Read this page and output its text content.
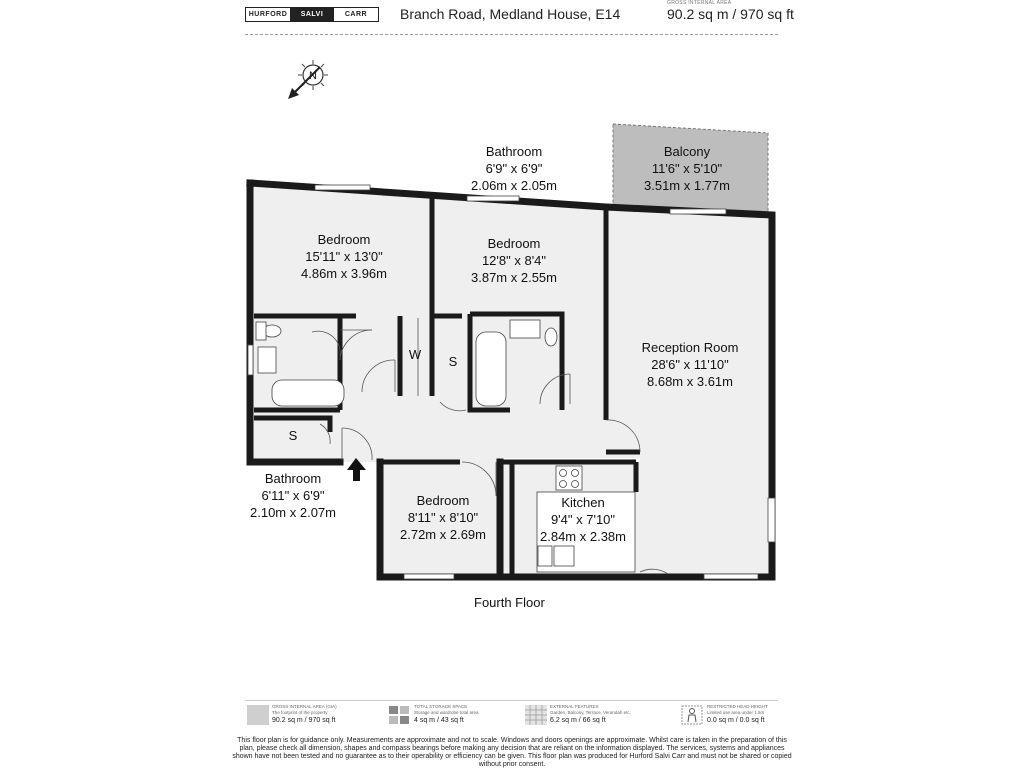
HURFORD	SALVI	CARR	Branch Road, Medland House, E14
GROSS INTERNAL AREA
90.2 sq m / 970 sq ft
N
Bedroom
15'11" x 13'0"
4.86m x 3.96m
Bedroom
12'8" x 8'4"
3.87m x 2.55m
Bathroom
6'9" x 6'9"
2.06m x 2.05m
Balcony
11'6" x 5'10"
3.51m x 1.77m
Reception Room
28'6" x 11'10"
8.68m x 3.61m
Bathroom
6'11" x 6'9"
2.10m x 2.07m
Bedroom
8'11" x 8'10"
2.72m x 2.69m
Kitchen
9'4" x 7'10"
2.84m x 2.38m
W	S
S
Fourth Floor
GROSS INTERNAL AREA (GIA)
The footprint of the property
90.2 sq m / 970 sq ft
TOTAL STORAGE SPACE
Storage and wardrobe total area
4 sq m / 43 sq ft
EXTERNAL FEATURES
Garden, Balcony, Terrace, Verandah etc.
6.2 sq m / 66 sq ft
RESTRICTED HEAD HEIGHT
Limited use area under 1.5m
0.0 sq m / 0.0 sq ft
This floor plan is for guidance only. Measurements are approximate and not to scale. Windows and doors openings are approximate. Whilst care is taken in the preparation of this plan, please check all dimension, shapes and compass bearings before making any decision that are reliant on the information displayed. The services, systems and appliances shown have not been tested and no guarantee as to their operability or efficiency can be given. This floor plan was produced for Hurford Salvi Carr and must not be shared or copied without prior consent.
